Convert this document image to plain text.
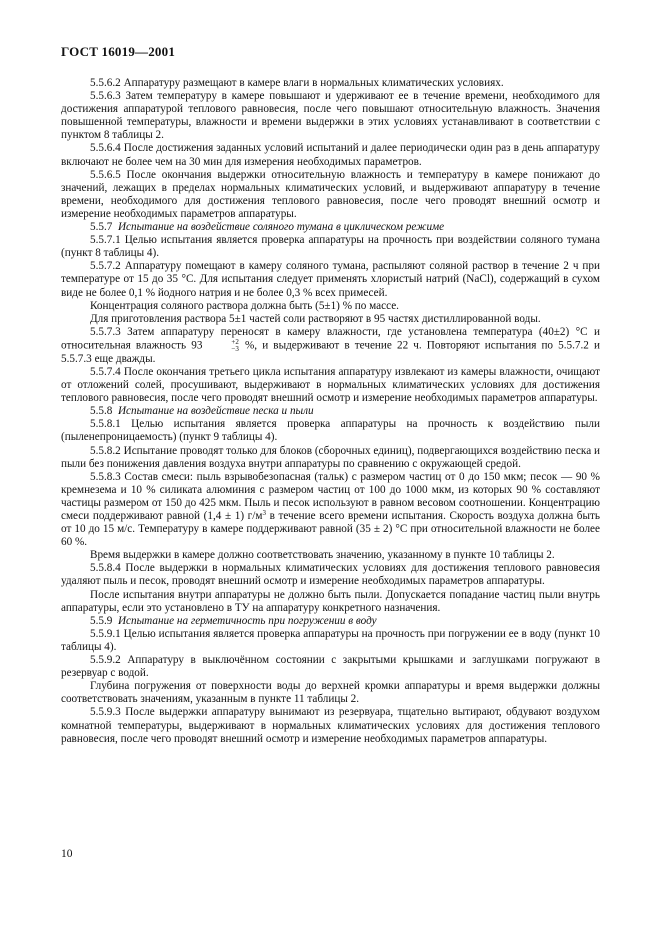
ГОСТ 16019—2001

5.5.6.2 Аппаратуру размещают в камере влаги в нормальных климатических условиях.

5.5.6.3 Затем температуру в камере повышают и удерживают ее в течение времени, необходимого для достижения аппаратурой теплового равновесия, после чего повышают относительную влажность. Значения повышенной температуры, влажности и времени выдержки в этих условиях устанавливают в соответствии с пунктом 8 таблицы 2.

5.5.6.4 После достижения заданных условий испытаний и далее периодически один раз в день аппаратуру включают не более чем на 30 мин для измерения необходимых параметров.

5.5.6.5 После окончания выдержки относительную влажность и температуру в камере понижают до значений, лежащих в пределах нормальных климатических условий, и выдерживают аппаратуру в течение времени, необходимого для достижения теплового равновесия, после чего проводят внешний осмотр и измерение необходимых параметров аппаратуры.

5.5.7 Испытание на воздействие соляного тумана в циклическом режиме

5.5.7.1 Целью испытания является проверка аппаратуры на прочность при воздействии соляного тумана (пункт 8 таблицы 4).

5.5.7.2 Аппаратуру помещают в камеру соляного тумана, распыляют соляной раствор в течение 2 ч при температуре от 15 до 35 °С. Для испытания следует применять хлористый натрий (NaCl), содержащий в сухом виде не более 0,1 % йодного натрия и не более 0,3 % всех примесей.

Концентрация соляного раствора должна быть (5±1) % по массе.

Для приготовления раствора 5±1 частей соли растворяют в 95 частях дистиллированной воды.

5.5.7.3 Затем аппаратуру переносят в камеру влажности, где установлена температура (40±2) °С и относительная влажность 93	+2
−3 %, и выдерживают в течение 22 ч. Повторяют испытания по 5.5.7.2 и 5.5.7.3 еще дважды.

5.5.7.4 После окончания третьего цикла испытания аппаратуру извлекают из камеры влажности, очищают от отложений солей, просушивают, выдерживают в нормальных климатических условиях для достижения теплового равновесия, после чего проводят внешний осмотр и измерение необходимых параметров аппаратуры.

5.5.8 Испытание на воздействие песка и пыли

5.5.8.1 Целью испытания является проверка аппаратуры на прочность к воздействию пыли (пыленепроницаемость) (пункт 9 таблицы 4).

5.5.8.2 Испытание проводят только для блоков (сборочных единиц), подвергающихся воздействию песка и пыли без понижения давления воздуха внутри аппаратуры по сравнению с окружающей средой.

5.5.8.3 Состав смеси: пыль взрывобезопасная (тальк) с размером частиц от 0 до 150 мкм; песок — 90 % кремнезема и 10 % силиката алюминия с размером частиц от 100 до 1000 мкм, из которых 90 % составляют частицы размером от 150 до 425 мкм. Пыль и песок используют в равном весовом соотношении. Концентрацию смеси поддерживают равной (1,4 ± 1) $г/м^3$ в течение всего времени испытания. Скорость воздуха должна быть от 10 до 15 м/с. Температуру в камере поддерживают равной (35 ± 2) °С при относительной влажности не более 60 %.

Время выдержки в камере должно соответствовать значению, указанному в пункте 10 таблицы 2.

5.5.8.4 После выдержки в нормальных климатических условиях для достижения теплового равновесия удаляют пыль и песок, проводят внешний осмотр и измерение необходимых параметров аппаратуры.

После испытания внутри аппаратуры не должно быть пыли. Допускается попадание частиц пыли внутрь аппаратуры, если это установлено в ТУ на аппаратуру конкретного назначения.

5.5.9 Испытание на герметичность при погружении в воду

5.5.9.1 Целью испытания является проверка аппаратуры на прочность при погружении ее в воду (пункт 10 таблицы 4).

5.5.9.2 Аппаратуру в выключённом состоянии с закрытыми крышками и заглушками погружают в резервуар с водой.

Глубина погружения от поверхности воды до верхней кромки аппаратуры и время выдержки должны соответствовать значениям, указанным в пункте 11 таблицы 2.

5.5.9.3 После выдержки аппаратуру вынимают из резервуара, тщательно вытирают, обдувают воздухом комнатной температуры, выдерживают в нормальных климатических условиях для достижения теплового равновесия, после чего проводят внешний осмотр и измерение необходимых параметров аппаратуры.

10
